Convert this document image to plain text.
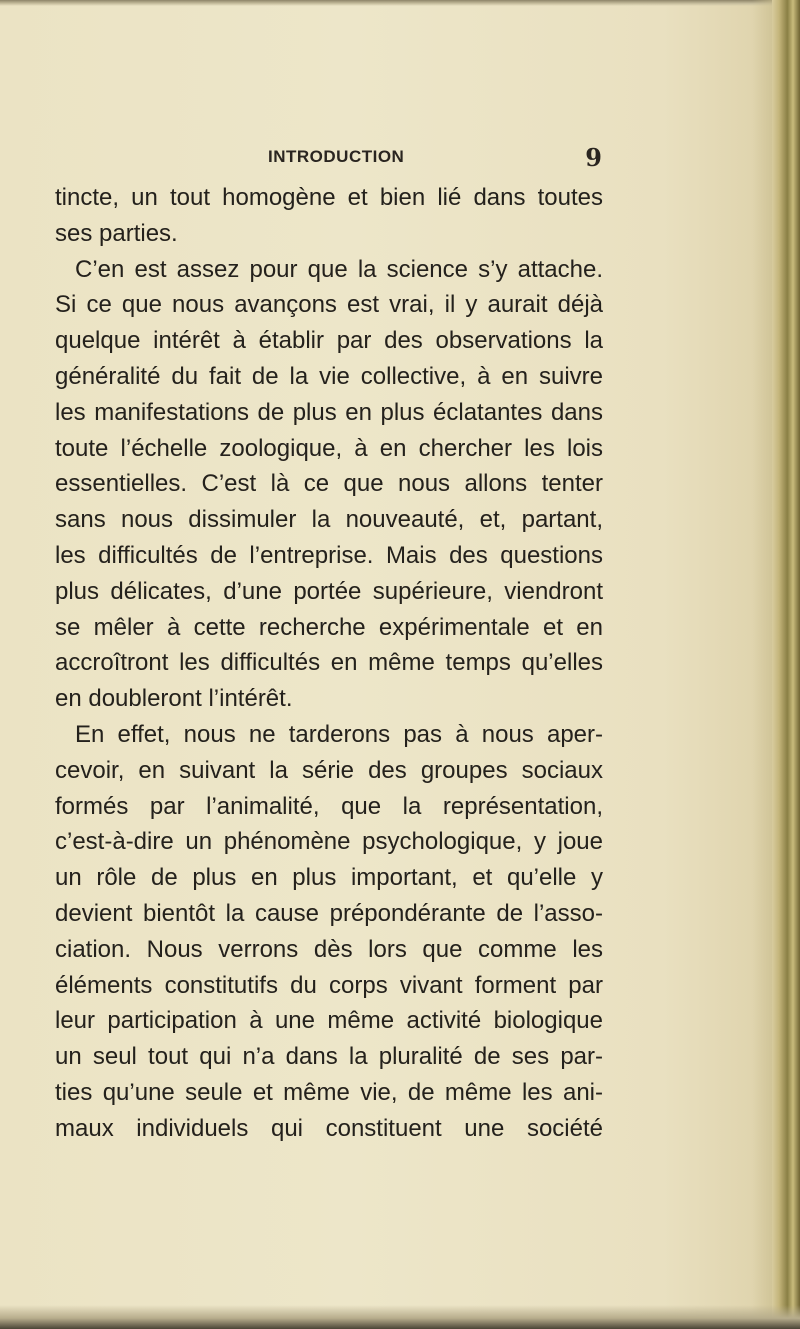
INTRODUCTION	9
tincte, un tout homogène et bien lié dans toutes
ses parties.
C’en est assez pour que la science s’y attache.
Si ce que nous avançons est vrai, il y aurait déjà
quelque intérêt à établir par des observations la
généralité du fait de la vie collective, à en suivre
les manifestations de plus en plus éclatantes dans
toute l’échelle zoologique, à en chercher les lois
essentielles. C’est là ce que nous allons tenter
sans nous dissimuler la nouveauté, et, partant,
les difficultés de l’entreprise. Mais des questions
plus délicates, d’une portée supérieure, viendront
se mêler à cette recherche expérimentale et en
accroîtront les difficultés en même temps qu’elles
en doubleront l’intérêt.
En effet, nous ne tarderons pas à nous aper-
cevoir, en suivant la série des groupes sociaux
formés par l’animalité, que la représentation,
c’est-à-dire un phénomène psychologique, y joue
un rôle de plus en plus important, et qu’elle y
devient bientôt la cause prépondérante de l’asso-
ciation. Nous verrons dès lors que comme les
éléments constitutifs du corps vivant forment par
leur participation à une même activité biologique
un seul tout qui n’a dans la pluralité de ses par-
ties qu’une seule et même vie, de même les ani-
maux individuels qui constituent une société
